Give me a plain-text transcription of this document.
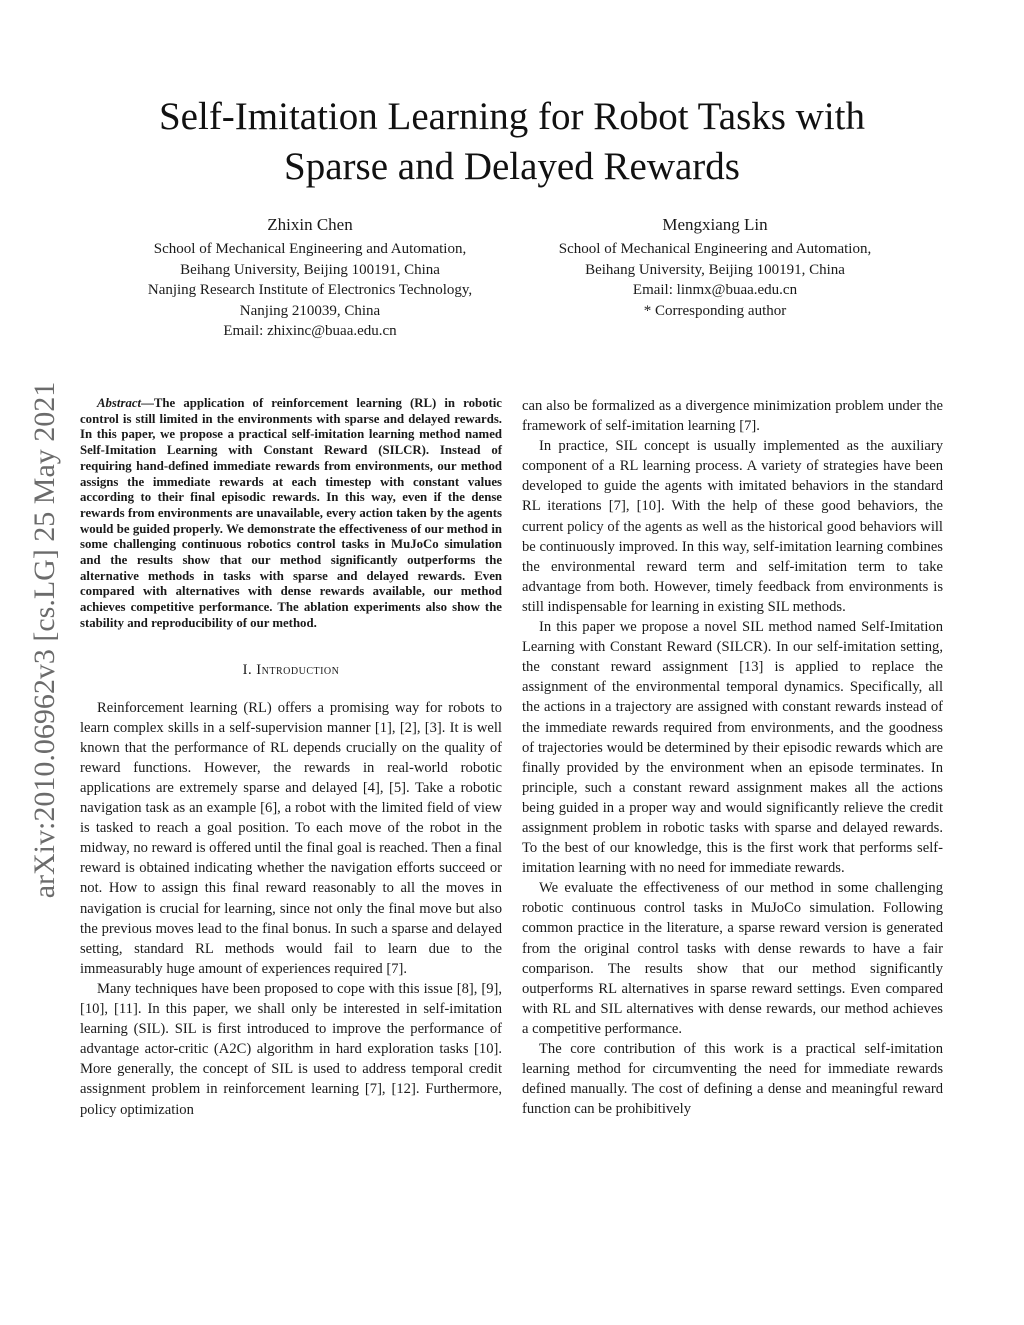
Self-Imitation Learning for Robot Tasks with
Sparse and Delayed Rewards
Zhixin Chen
School of Mechanical Engineering and Automation,
Beihang University, Beijing 100191, China
Nanjing Research Institute of Electronics Technology,
Nanjing 210039, China
Email: zhixinc@buaa.edu.cn
Mengxiang Lin
School of Mechanical Engineering and Automation,
Beihang University, Beijing 100191, China
Email: linmx@buaa.edu.cn
* Corresponding author
arXiv:2010.06962v3 [cs.LG] 25 May 2021	Abstract—The application of reinforcement learning (RL) in robotic control is still limited in the environments with sparse and delayed rewards. In this paper, we propose a practical self-imitation learning method named Self-Imitation Learning with Constant Reward (SILCR). Instead of requiring hand-defined immediate rewards from environments, our method assigns the immediate rewards at each timestep with constant values according to their final episodic rewards. In this way, even if the dense rewards from environments are unavailable, every action taken by the agents would be guided properly. We demonstrate the effectiveness of our method in some challenging continuous robotics control tasks in MuJoCo simulation and the results show that our method significantly outperforms the alternative methods in tasks with sparse and delayed rewards. Even compared with alternatives with dense rewards available, our method achieves competitive performance. The ablation experiments also show the stability and reproducibility of our method.

I. Introduction

Reinforcement learning (RL) offers a promising way for robots to learn complex skills in a self-supervision manner [1], [2], [3]. It is well known that the performance of RL depends crucially on the quality of reward functions. However, the rewards in real-world robotic applications are extremely sparse and delayed [4], [5]. Take a robotic navigation task as an example [6], a robot with the limited field of view is tasked to reach a goal position. To each move of the robot in the midway, no reward is offered until the final goal is reached. Then a final reward is obtained indicating whether the navigation efforts succeed or not. How to assign this final reward reasonably to all the moves in navigation is crucial for learning, since not only the final move but also the previous moves lead to the final bonus. In such a sparse and delayed setting, standard RL methods would fail to learn due to the immeasurably huge amount of experiences required [7].

Many techniques have been proposed to cope with this issue [8], [9], [10], [11]. In this paper, we shall only be interested in self-imitation learning (SIL). SIL is first introduced to improve the performance of advantage actor-critic (A2C) algorithm in hard exploration tasks [10]. More generally, the concept of SIL is used to address temporal credit assignment problem in reinforcement learning [7], [12]. Furthermore, policy optimization

can also be formalized as a divergence minimization problem under the framework of self-imitation learning [7].

In practice, SIL concept is usually implemented as the auxiliary component of a RL learning process. A variety of strategies have been developed to guide the agents with imitated behaviors in the standard RL iterations [7], [10]. With the help of these good behaviors, the current policy of the agents as well as the historical good behaviors will be continuously improved. In this way, self-imitation learning combines the environmental reward term and self-imitation term to take advantage from both. However, timely feedback from environments is still indispensable for learning in existing SIL methods.

In this paper we propose a novel SIL method named Self-Imitation Learning with Constant Reward (SILCR). In our self-imitation setting, the constant reward assignment [13] is applied to replace the assignment of the environmental temporal dynamics. Specifically, all the actions in a trajectory are assigned with constant rewards instead of the immediate rewards required from environments, and the goodness of trajectories would be determined by their episodic rewards which are finally provided by the environment when an episode terminates. In principle, such a constant reward assignment makes all the actions being guided in a proper way and would significantly relieve the credit assignment problem in robotic tasks with sparse and delayed rewards. To the best of our knowledge, this is the first work that performs self-imitation learning with no need for immediate rewards.

We evaluate the effectiveness of our method in some challenging robotic continuous control tasks in MuJoCo simulation. Following common practice in the literature, a sparse reward version is generated from the original control tasks with dense rewards to have a fair comparison. The results show that our method significantly outperforms RL alternatives in sparse reward settings. Even compared with RL and SIL alternatives with dense rewards, our method achieves a competitive performance.

The core contribution of this work is a practical self-imitation learning method for circumventing the need for immediate rewards defined manually. The cost of defining a dense and meaningful reward function can be prohibitively
